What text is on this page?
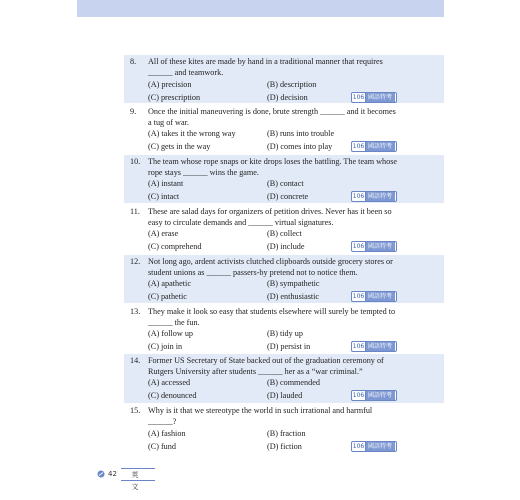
8. All of these kites are made by hand in a traditional manner that requires ______ and teamwork.
(A) precision	(B) description
(C) prescription	(D) decision	106 國語特考
9. Once the initial maneuvering is done, brute strength ______ and it becomes a tug of war.
(A) takes it the wrong way	(B) runs into trouble
(C) gets in the way	(D) comes into play	106 國語特考
10. The team whose rope snaps or kite drops loses the battling. The team whose rope stays ______ wins the game.
(A) instant	(B) contact
(C) intact	(D) concrete	106 國語特考
11. These are salad days for organizers of petition drives. Never has it been so easy to circulate demands and ______ virtual signatures.
(A) erase	(B) collect
(C) comprehend	(D) include	106 國語特考
12. Not long ago, ardent activists clutched clipboards outside grocery stores or student unions as ______ passers-by pretend not to notice them.
(A) apathetic	(B) sympathetic
(C) pathetic	(D) enthusiastic	106 國語特考
13. They make it look so easy that students elsewhere will surely be tempted to ______ the fun.
(A) follow up	(B) tidy up
(C) join in	(D) persist in	106 國語特考
14. Former US Secretary of State backed out of the graduation ceremony of Rutgers University after students ______ her as a “war criminal.”
(A) accessed	(B) commended
(C) denounced	(D) lauded	106 國語特考
15. Why is it that we stereotype the world in such irrational and harmful ______?
(A) fashion	(B) fraction
(C) fund	(D) fiction	106 國語特考
42	英　文
